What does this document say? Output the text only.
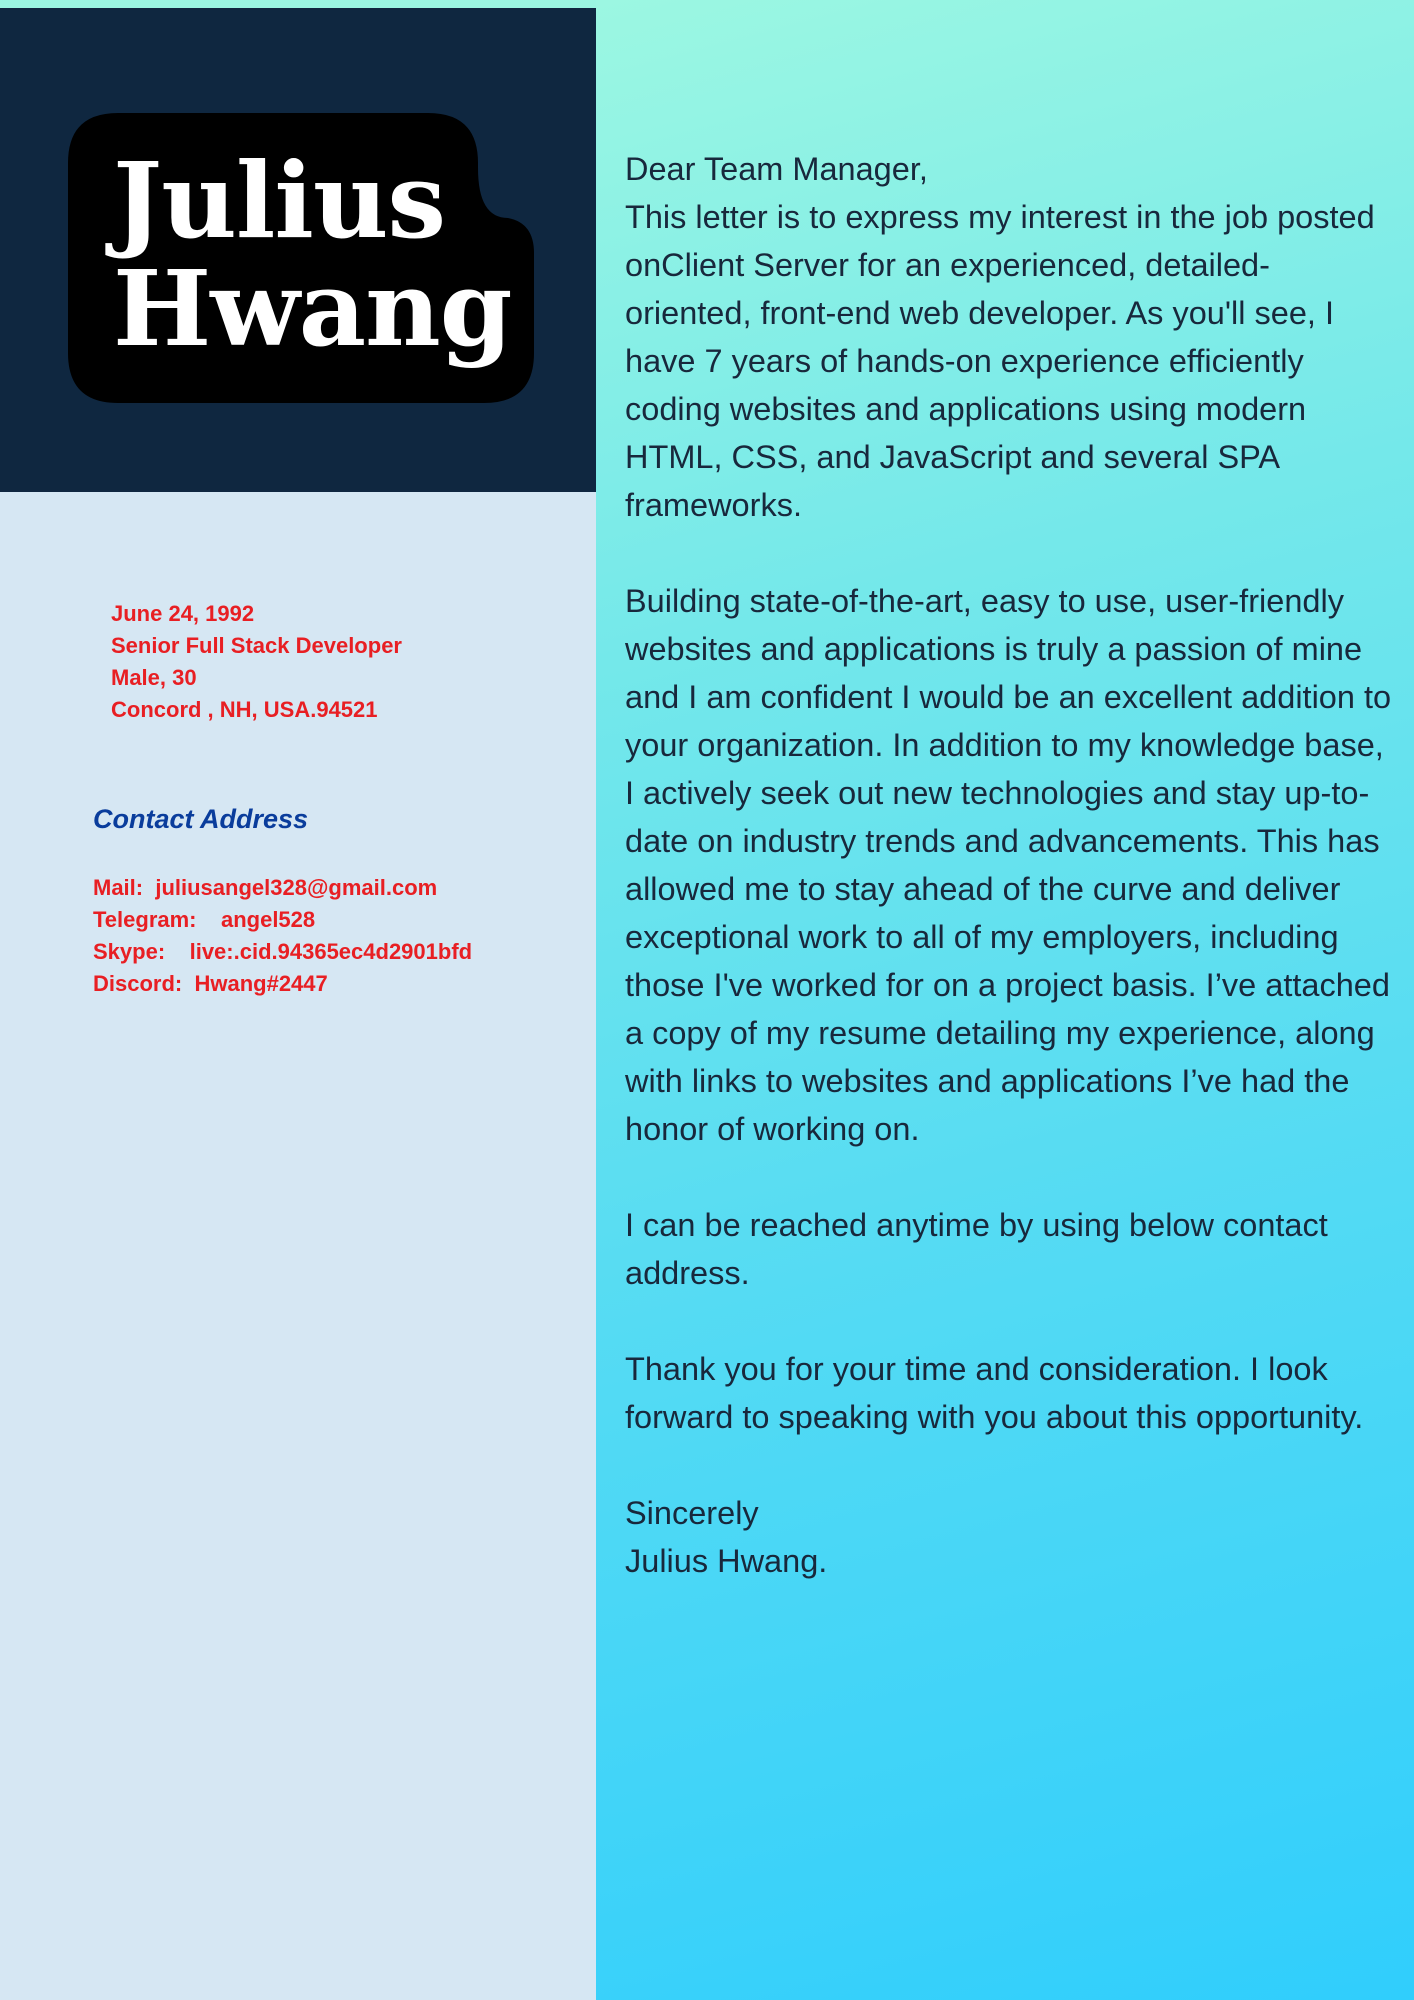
Julius
Hwang
June 24, 1992
Senior Full Stack Developer
Male, 30
Concord , NH, USA.94521
Contact Address
Mail:  juliusangel328@gmail.com
Telegram:    angel528
Skype:    live:.cid.94365ec4d2901bfd
Discord:  Hwang#2447

Dear Team Manager,
This letter is to express my interest in the job posted onClient Server for an experienced, detailed-oriented, front-end web developer. As you'll see, I have 7 years of hands-on experience efficiently coding websites and applications using modern HTML, CSS, and JavaScript and several SPA frameworks.

Building state-of-the-art, easy to use, user-friendly websites and applications is truly a passion of mine and I am confident I would be an excellent addition to your organization. In addition to my knowledge base, I actively seek out new technologies and stay up-to-date on industry trends and advancements. This has allowed me to stay ahead of the curve and deliver exceptional work to all of my employers, including those I've worked for on a project basis. I’ve attached a copy of my resume detailing my experience, along with links to websites and applications I’ve had the honor of working on.

I can be reached anytime by using below contact address.

Thank you for your time and consideration. I look forward to speaking with you about this opportunity.

Sincerely
Julius Hwang.
